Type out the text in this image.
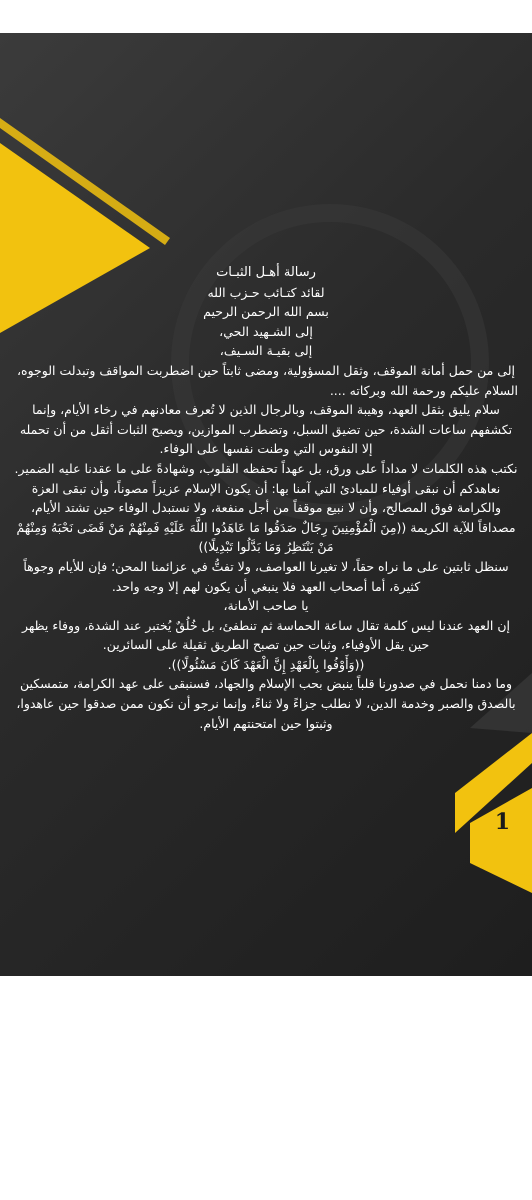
رسالة أهـل الثبـات

لقائد كتـائب حـزب الله

بسم الله الرحمن الرحيم

إلى الشـهيد الحي،

إلى بقيـة السـيف،

إلى من حمل أمانة الموقف، وثقل المسؤولية، ومضى ثابتاً حين اضطربت المواقف وتبدلت الوجوه،

السلام عليكم ورحمة الله وبركاته ....

سلام يليق بثقل العهد، وهيبة الموقف، وبالرجال الذين لا تُعرف معادنهم في رخاء الأيام، وإنما تكشفهم ساعات الشدة، حين تضيق السبل، وتضطرب الموازين، ويصبح الثبات أثقل من أن تحمله إلا النفوس التي وطنت نفسها على الوفاء.

نكتب هذه الكلمات لا مداداً على ورق، بل عهداً تحفظه القلوب، وشهادةً على ما عقدنا عليه الضمير.

نعاهدكم أن نبقى أوفياء للمبادئ التي آمنا بها: أن يكون الإسلام عزيزاً مصوناً، وأن تبقى العزة والكرامة فوق المصالح، وأن لا نبيع موقفاً من أجل منفعة، ولا نستبدل الوفاء حين تشتد الأيام،

مصداقاً للآية الكريمة ((مِنَ الْمُؤْمِنِينَ رِجَالٌ صَدَقُوا مَا عَاهَدُوا اللَّهَ عَلَيْهِ فَمِنْهُمْ مَنْ قَضَى نَحْبَهُ وَمِنْهُمْ مَنْ يَنْتَظِرُ وَمَا بَدَّلُوا تَبْدِيلًا))

سنظل ثابتين على ما نراه حقاً، لا تغيرنا العواصف، ولا تفتُّ في عزائمنا المحن؛ فإن للأيام وجوهاً كثيرة، أما أصحاب العهد فلا ينبغي أن يكون لهم إلا وجه واحد.

يا صاحب الأمانة،

إن العهد عندنا ليس كلمة تقال ساعة الحماسة ثم تنطفئ، بل خُلُقٌ يُختبر عند الشدة، ووفاء يظهر حين يقل الأوفياء، وثبات حين تصبح الطريق ثقيلة على السائرين.

((وَأَوْفُوا بِالْعَهْدِ إِنَّ الْعَهْدَ كَانَ مَسْئُولًا)).

وما دمنا نحمل في صدورنا قلباً ينبض بحب الإسلام والجهاد، فسنبقى على عهد الكرامة، متمسكين بالصدق والصبر وخدمة الدين، لا نطلب جزاءً ولا ثناءً، وإنما نرجو أن نكون ممن صدقوا حين عاهدوا، وثبتوا حين امتحنتهم الأيام.

1
